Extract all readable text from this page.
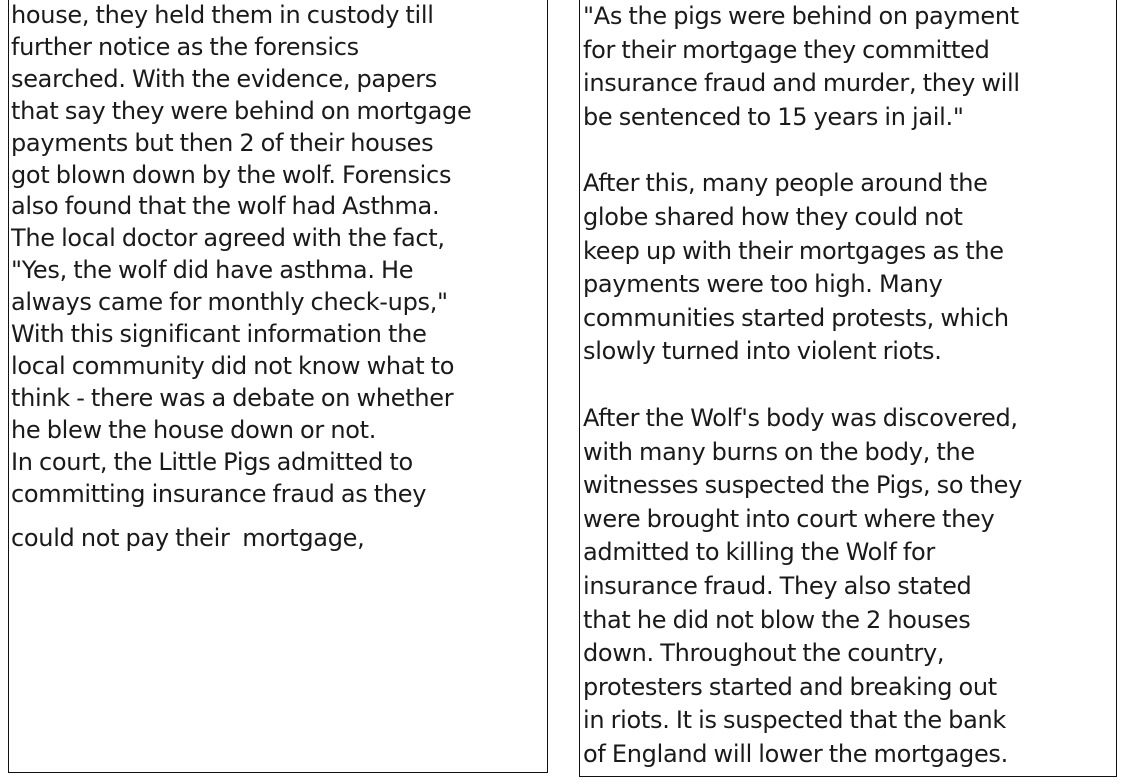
house, they held them in custody till
further notice as the forensics
searched. With the evidence, papers
that say they were behind on mortgage
payments but then 2 of their houses
got blown down by the wolf. Forensics
also found that the wolf had Asthma.
The local doctor agreed with the fact,
"Yes, the wolf did have asthma. He
always came for monthly check-ups,"
With this significant information the
local community did not know what to
think - there was a debate on whether
he blew the house down or not.
In court, the Little Pigs admitted to
committing insurance fraud as they
could not pay their  mortgage,
"As the pigs were behind on payment
for their mortgage they committed
insurance fraud and murder, they will
be sentenced to 15 years in jail."
After this, many people around the
globe shared how they could not
keep up with their mortgages as the
payments were too high. Many
communities started protests, which
slowly turned into violent riots.
After the Wolf's body was discovered,
with many burns on the body, the
witnesses suspected the Pigs, so they
were brought into court where they
admitted to killing the Wolf for
insurance fraud. They also stated
that he did not blow the 2 houses
down. Throughout the country,
protesters started and breaking out
in riots. It is suspected that the bank
of England will lower the mortgages.
